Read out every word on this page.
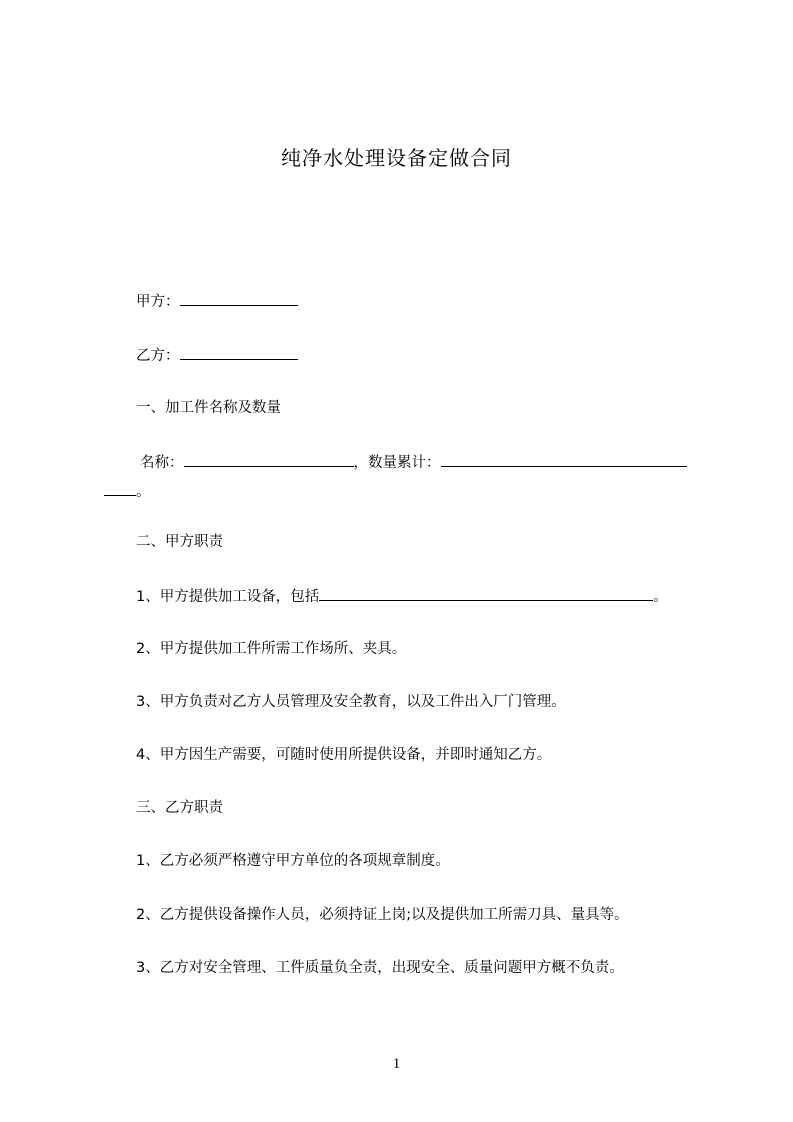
纯净水处理设备定做合同
甲方：
乙方：
一、加工件名称及数量
名称：	，数量累计：
。
二、甲方职责
1、甲方提供加工设备，包括	。
2、甲方提供加工件所需工作场所、夹具。
3、甲方负责对乙方人员管理及安全教育，以及工件出入厂门管理。
4、甲方因生产需要，可随时使用所提供设备，并即时通知乙方。
三、乙方职责
1、乙方必须严格遵守甲方单位的各项规章制度。
2、乙方提供设备操作人员，必须持证上岗;以及提供加工所需刀具、量具等。
3、乙方对安全管理、工件质量负全责，出现安全、质量问题甲方概不负责。
1
